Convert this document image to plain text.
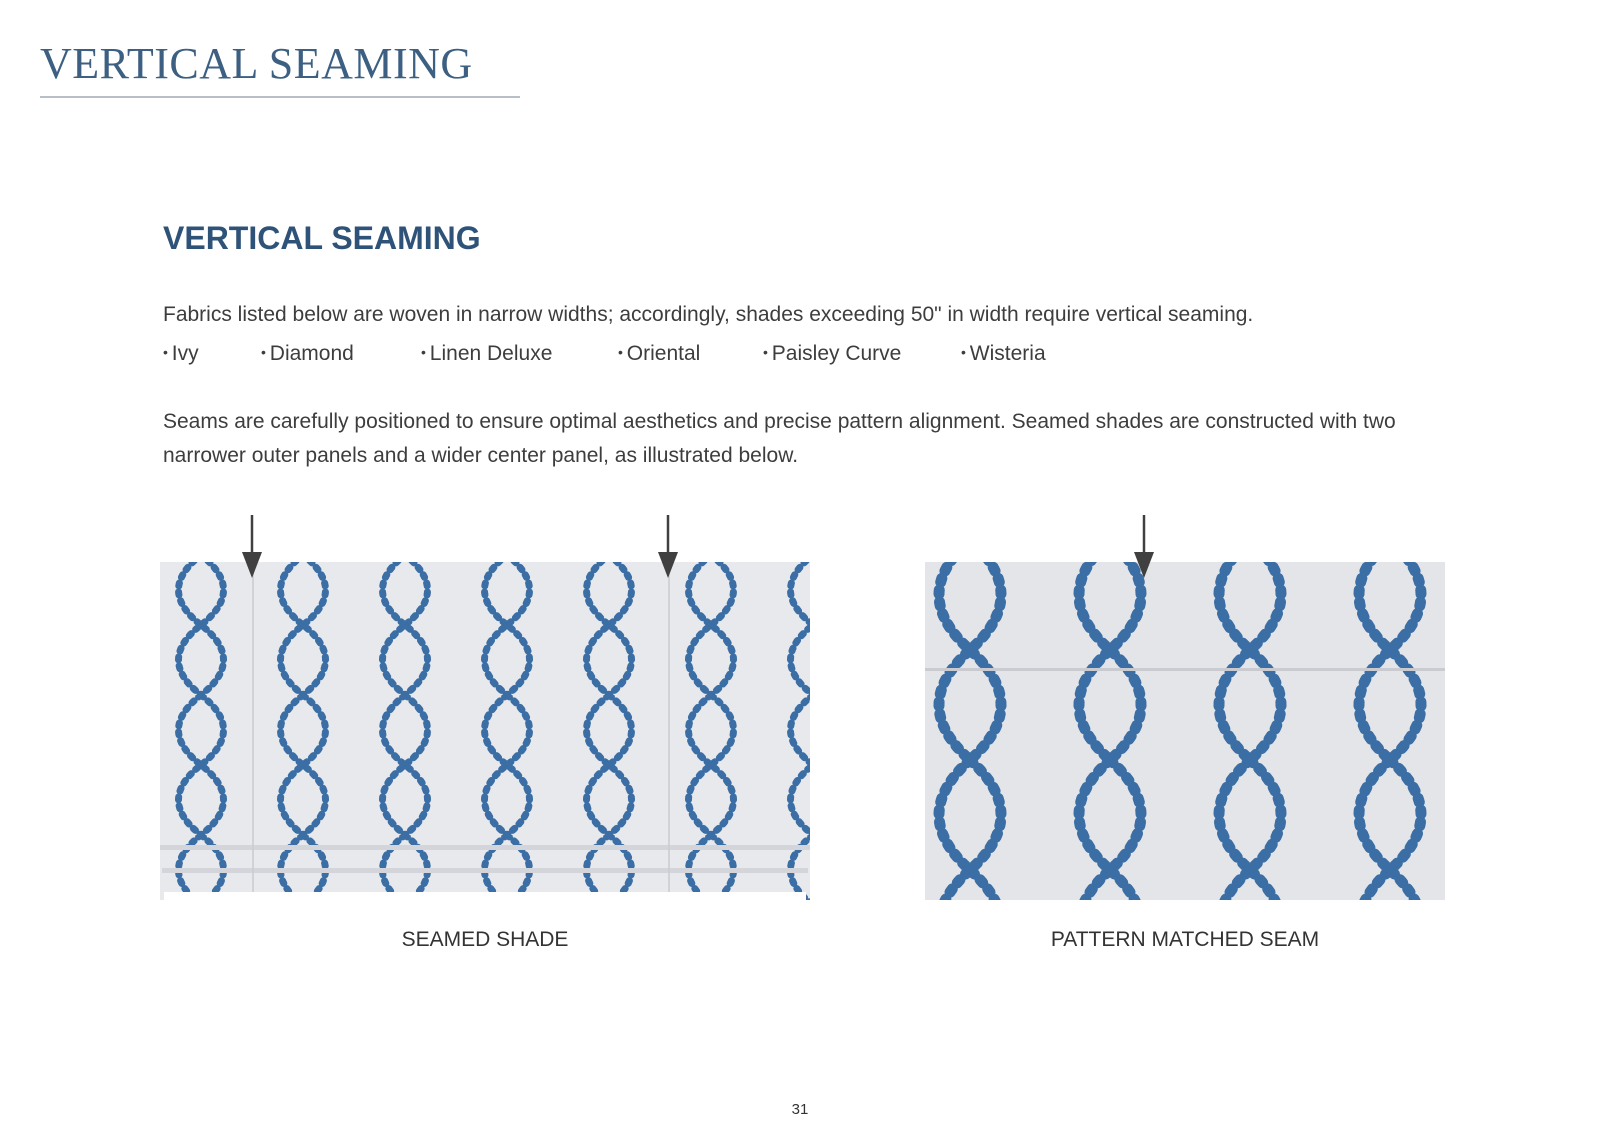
VERTICAL SEAMING
VERTICAL SEAMING

Fabrics listed below are woven in narrow widths; accordingly, shades exceeding 50" in width require vertical seaming.

• Ivy	• Diamond	• Linen Deluxe	• Oriental	• Paisley Curve	• Wisteria

Seams are carefully positioned to ensure optimal aesthetics and precise pattern alignment. Seamed shades are constructed with two narrower outer panels and a wider center panel, as illustrated below.

SEAMED SHADE	PATTERN MATCHED SEAM
31
